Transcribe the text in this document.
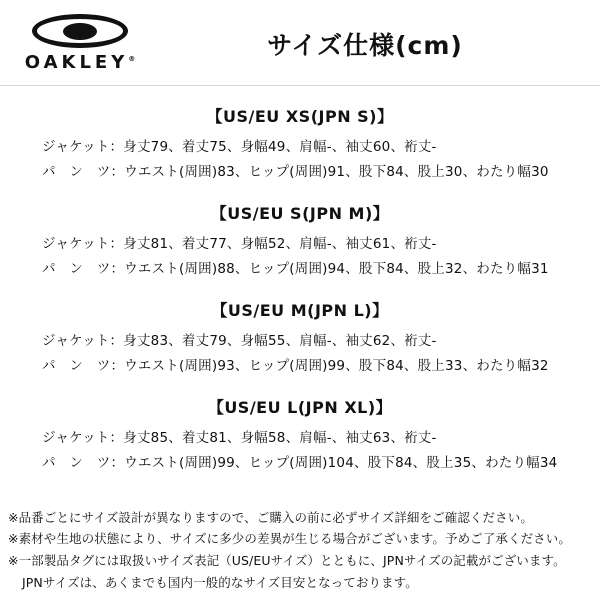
OAKLEY®	サイズ仕様(cm)
【US/EU XS(JPN S)】
ジャケット：身丈79、着丈75、身幅49、肩幅-、袖丈60、裄丈-
パ　ン　ツ：ウエスト(周囲)83、ヒップ(周囲)91、股下84、股上30、わたり幅30
【US/EU S(JPN M)】
ジャケット：身丈81、着丈77、身幅52、肩幅-、袖丈61、裄丈-
パ　ン　ツ：ウエスト(周囲)88、ヒップ(周囲)94、股下84、股上32、わたり幅31
【US/EU M(JPN L)】
ジャケット：身丈83、着丈79、身幅55、肩幅-、袖丈62、裄丈-
パ　ン　ツ：ウエスト(周囲)93、ヒップ(周囲)99、股下84、股上33、わたり幅32
【US/EU L(JPN XL)】
ジャケット：身丈85、着丈81、身幅58、肩幅-、袖丈63、裄丈-
パ　ン　ツ：ウエスト(周囲)99、ヒップ(周囲)104、股下84、股上35、わたり幅34
※品番ごとにサイズ設計が異なりますので、ご購入の前に必ずサイズ詳細をご確認ください。
※素材や生地の状態により、サイズに多少の差異が生じる場合がございます。予めご了承ください。
※一部製品タグには取扱いサイズ表記（US/EUサイズ）とともに、JPNサイズの記載がございます。
JPNサイズは、あくまでも国内一般的なサイズ目安となっております。
